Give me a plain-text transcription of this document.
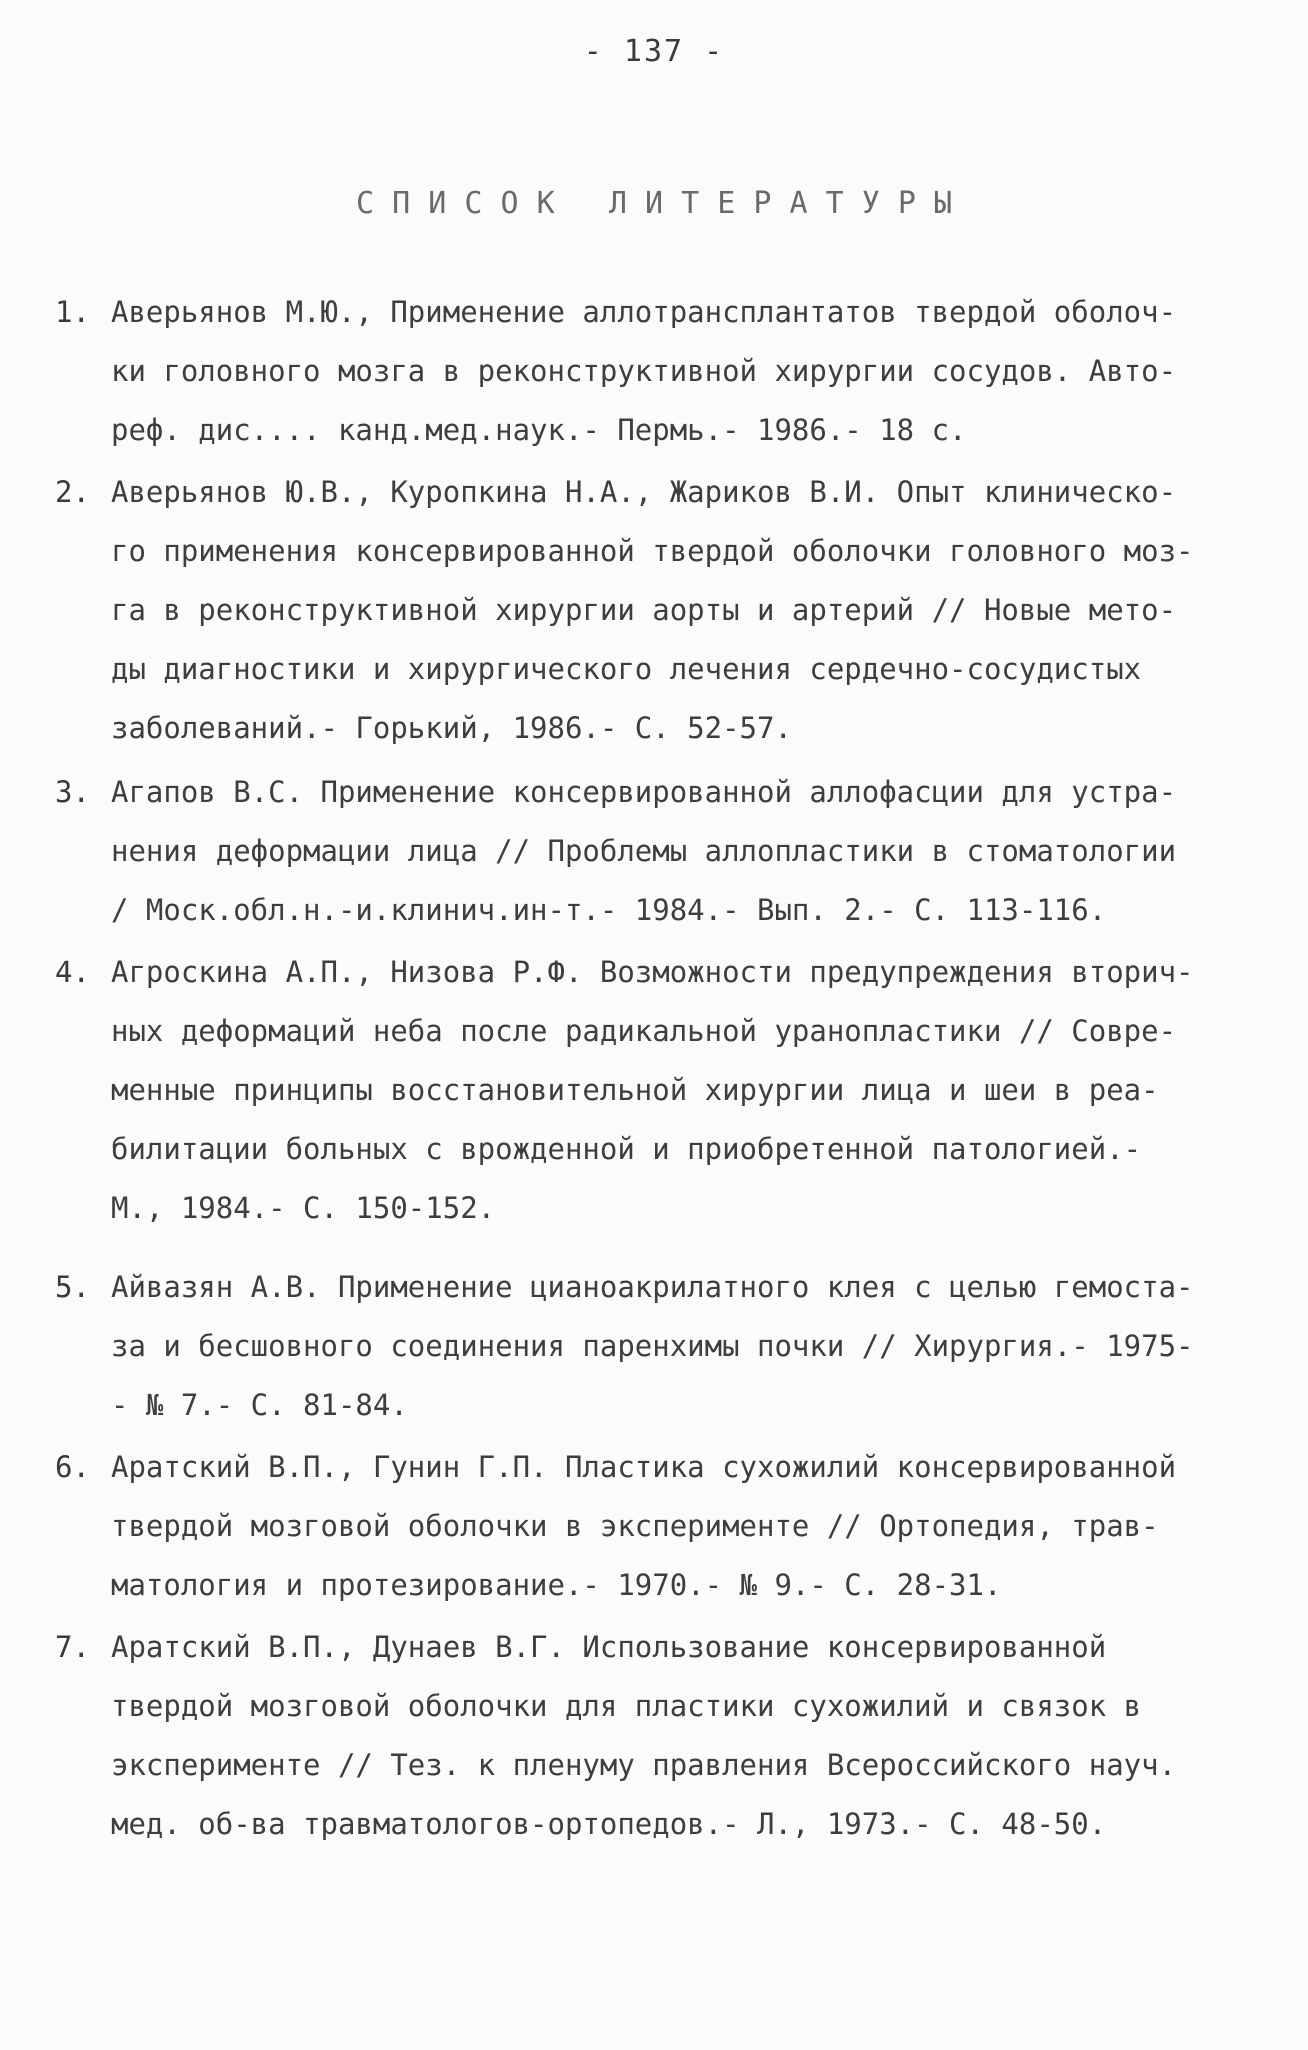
- 137 -
С П И С О К   Л И Т Е Р А Т У Р Ы
1. Аверьянов М.Ю., Применение аллотрансплантатов твердой оболоч-
ки головного мозга в реконструктивной хирургии сосудов. Авто-
реф. дис.... канд.мед.наук.- Пермь.- 1986.- 18 с.
2. Аверьянов Ю.В., Куропкина Н.А., Жариков В.И. Опыт клиническо-
го применения консервированной твердой оболочки головного моз-
га в реконструктивной хирургии аорты и артерий // Новые мето-
ды диагностики и хирургического лечения сердечно-сосудистых
заболеваний.- Горький, 1986.- С. 52-57.
3. Агапов В.С. Применение консервированной аллофасции для устра-
нения деформации лица // Проблемы аллопластики в стоматологии
/ Моск.обл.н.-и.клинич.ин-т.- 1984.- Вып. 2.- С. 113-116.
4. Агроскина А.П., Низова Р.Ф. Возможности предупреждения вторич-
ных деформаций неба после радикальной уранопластики // Совре-
менные принципы восстановительной хирургии лица и шеи в реа-
билитации больных с врожденной и приобретенной патологией.-
М., 1984.- С. 150-152.
5. Айвазян А.В. Применение цианоакрилатного клея с целью гемоста-
за и бесшовного соединения паренхимы почки // Хирургия.- 1975-
- № 7.- С. 81-84.
6. Аратский В.П., Гунин Г.П. Пластика сухожилий консервированной
твердой мозговой оболочки в эксперименте // Ортопедия, трав-
матология и протезирование.- 1970.- № 9.- С. 28-31.
7. Аратский В.П., Дунаев В.Г. Использование консервированной
твердой мозговой оболочки для пластики сухожилий и связок в
эксперименте // Тез. к пленуму правления Всероссийского науч.
мед. об-ва травматологов-ортопедов.- Л., 1973.- С. 48-50.
